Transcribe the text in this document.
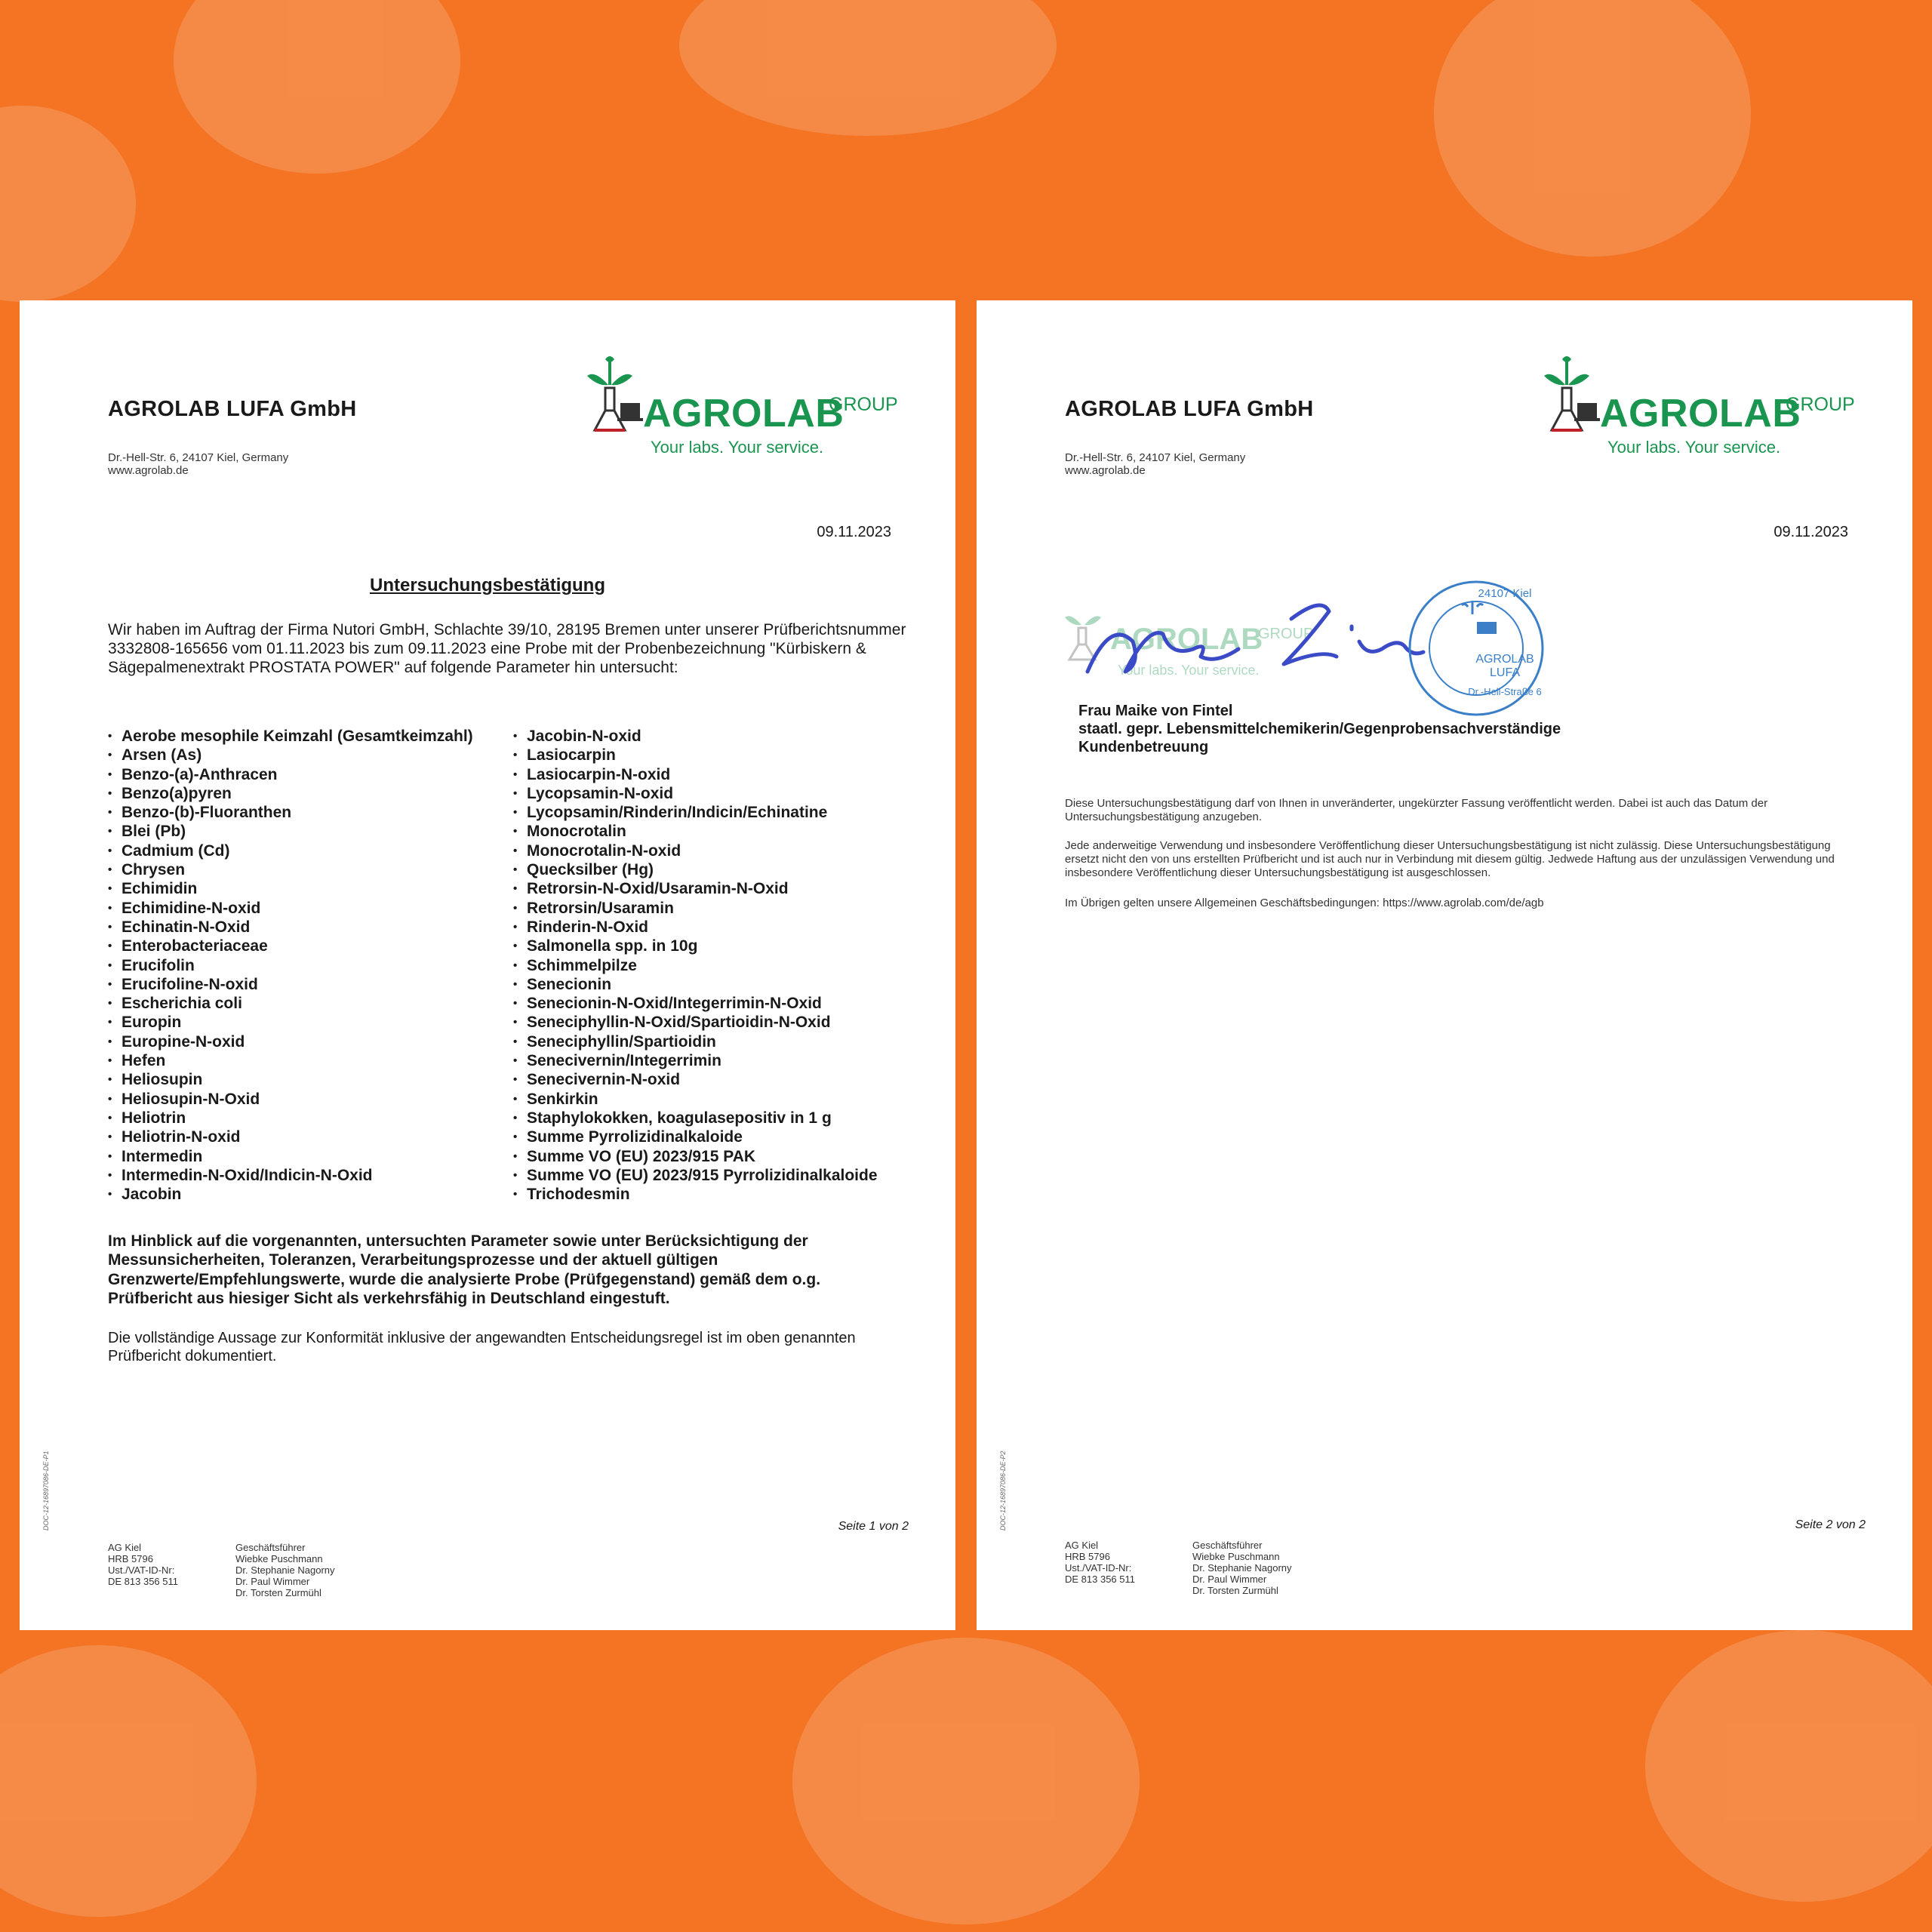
AGROLAB LUFA GmbH
Dr.-Hell-Str. 6, 24107 Kiel, Germany
www.agrolab.de
AGROLAB
GROUP
Your labs. Your service.
09.11.2023
Untersuchungsbestätigung
Wir haben im Auftrag der Firma Nutori GmbH, Schlachte 39/10, 28195 Bremen unter unserer Prüfberichtsnummer 3332808-165656 vom 01.11.2023 bis zum 09.11.2023 eine Probe mit der Probenbezeichnung "Kürbiskern & Sägepalmenextrakt PROSTATA POWER" auf folgende Parameter hin untersucht:
• Aerobe mesophile Keimzahl (Gesamtkeimzahl)
• Arsen (As)
• Benzo-(a)-Anthracen
• Benzo(a)pyren
• Benzo-(b)-Fluoranthen
• Blei (Pb)
• Cadmium (Cd)
• Chrysen
• Echimidin
• Echimidine-N-oxid
• Echinatin-N-Oxid
• Enterobacteriaceae
• Erucifolin
• Erucifoline-N-oxid
• Escherichia coli
• Europin
• Europine-N-oxid
• Hefen
• Heliosupin
• Heliosupin-N-Oxid
• Heliotrin
• Heliotrin-N-oxid
• Intermedin
• Intermedin-N-Oxid/Indicin-N-Oxid
• Jacobin
• Jacobin-N-oxid
• Lasiocarpin
• Lasiocarpin-N-oxid
• Lycopsamin-N-oxid
• Lycopsamin/Rinderin/Indicin/Echinatine
• Monocrotalin
• Monocrotalin-N-oxid
• Quecksilber (Hg)
• Retrorsin-N-Oxid/Usaramin-N-Oxid
• Retrorsin/Usaramin
• Rinderin-N-Oxid
• Salmonella spp. in 10g
• Schimmelpilze
• Senecionin
• Senecionin-N-Oxid/Integerrimin-N-Oxid
• Seneciphyllin-N-Oxid/Spartioidin-N-Oxid
• Seneciphyllin/Spartioidin
• Senecivernin/Integerrimin
• Senecivernin-N-oxid
• Senkirkin
• Staphylokokken, koagulasepositiv in 1 g
• Summe Pyrrolizidinalkaloide
• Summe VO (EU) 2023/915 PAK
• Summe VO (EU) 2023/915 Pyrrolizidinalkaloide
• Trichodesmin
Im Hinblick auf die vorgenannten, untersuchten Parameter sowie unter Berücksichtigung der Messunsicherheiten, Toleranzen, Verarbeitungsprozesse und der aktuell gültigen Grenzwerte/Empfehlungswerte, wurde die analysierte Probe (Prüfgegenstand) gemäß dem o.g. Prüfbericht aus hiesiger Sicht als verkehrsfähig in Deutschland eingestuft.
Die vollständige Aussage zur Konformität inklusive der angewandten Entscheidungsregel ist im oben genannten Prüfbericht dokumentiert.
DOC-12-16897086-DE-P1	Seite 1 von 2
AG Kiel
HRB 5796
Ust./VAT-ID-Nr:
DE 813 356 511
Geschäftsführer
Wiebke Puschmann
Dr. Stephanie Nagorny
Dr. Paul Wimmer
Dr. Torsten Zurmühl
AGROLAB LUFA GmbH
Dr.-Hell-Str. 6, 24107 Kiel, Germany
www.agrolab.de
AGROLAB
GROUP
Your labs. Your service.
09.11.2023
AGROLAB
GROUP
Your labs. Your service.
24107 Kiel
AGROLAB
LUFA
Dr.-Hell-Straße 6
Frau Maike von Fintel
staatl. gepr. Lebensmittelchemikerin/Gegenprobensachverständige
Kundenbetreuung
Diese Untersuchungsbestätigung darf von Ihnen in unveränderter, ungekürzter Fassung veröffentlicht werden. Dabei ist auch das Datum der Untersuchungsbestätigung anzugeben.
Jede anderweitige Verwendung und insbesondere Veröffentlichung dieser Untersuchungsbestätigung ist nicht zulässig. Diese Untersuchungsbestätigung ersetzt nicht den von uns erstellten Prüfbericht und ist auch nur in Verbindung mit diesem gültig. Jedwede Haftung aus der unzulässigen Verwendung und insbesondere Veröffentlichung dieser Untersuchungsbestätigung ist ausgeschlossen.
Im Übrigen gelten unsere Allgemeinen Geschäftsbedingungen: https://www.agrolab.com/de/agb
DOC-12-16897086-DE-P2	Seite 2 von 2
AG Kiel
HRB 5796
Ust./VAT-ID-Nr:
DE 813 356 511
Geschäftsführer
Wiebke Puschmann
Dr. Stephanie Nagorny
Dr. Paul Wimmer
Dr. Torsten Zurmühl
